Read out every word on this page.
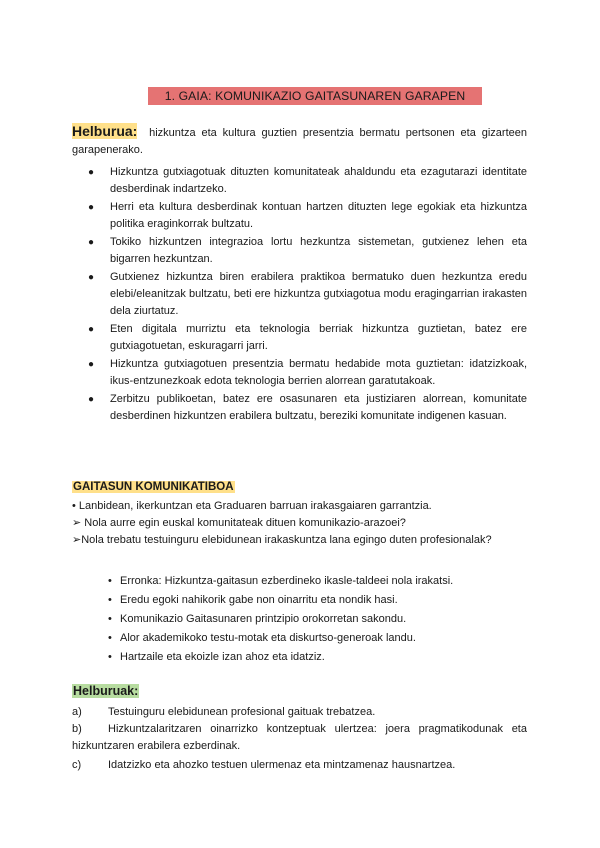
1. GAIA: KOMUNIKAZIO GAITASUNAREN GARAPEN
Helburua: hizkuntza eta kultura guztien presentzia bermatu pertsonen eta gizarteen
garapenerako.
● Hizkuntza gutxiagotuak dituzten komunitateak ahaldundu eta ezagutarazi identitate desberdinak indartzeko.
● Herri eta kultura desberdinak kontuan hartzen dituzten lege egokiak eta hizkuntza politika eraginkorrak bultzatu.
● Tokiko hizkuntzen integrazioa lortu hezkuntza sistemetan, gutxienez lehen eta bigarren hezkuntzan.
● Gutxienez hizkuntza biren erabilera praktikoa bermatuko duen hezkuntza eredu elebi/eleanitzak bultzatu, beti ere hizkuntza gutxiagotua modu eragingarrian irakasten dela ziurtatuz.
● Eten digitala murriztu eta teknologia berriak hizkuntza guztietan, batez ere gutxiagotuetan, eskuragarri jarri.
● Hizkuntza gutxiagotuen presentzia bermatu hedabide mota guztietan: idatzizkoak, ikus-entzunezkoak edota teknologia berrien alorrean garatutakoak.
● Zerbitzu publikoetan, batez ere osasunaren eta justiziaren alorrean, komunitate desberdinen hizkuntzen erabilera bultzatu, bereziki komunitate indigenen kasuan.
GAITASUN KOMUNIKATIBOA
• Lanbidean, ikerkuntzan eta Graduaren barruan irakasgaiaren garrantzia.
➢ Nola aurre egin euskal komunitateak dituen komunikazio-arazoei?
➢Nola trebatu testuinguru elebidunean irakaskuntza lana egingo duten profesionalak?
• Erronka: Hizkuntza-gaitasun ezberdineko ikasle-taldeei nola irakatsi.
• Eredu egoki nahikorik gabe non oinarritu eta nondik hasi.
• Komunikazio Gaitasunaren printzipio orokorretan sakondu.
• Alor akademikoko testu-motak eta diskurtso-generoak landu.
• Hartzaile eta ekoizle izan ahoz eta idatziz.
Helburuak:
a)	Testuinguru elebidunean profesional gaituak trebatzea.
b) Hizkuntzalaritzaren oinarrizko kontzeptuak ulertzea: joera pragmatikodunak eta hizkuntzaren erabilera ezberdinak.
c)	Idatzizko eta ahozko testuen ulermenaz eta mintzamenaz hausnartzea.
